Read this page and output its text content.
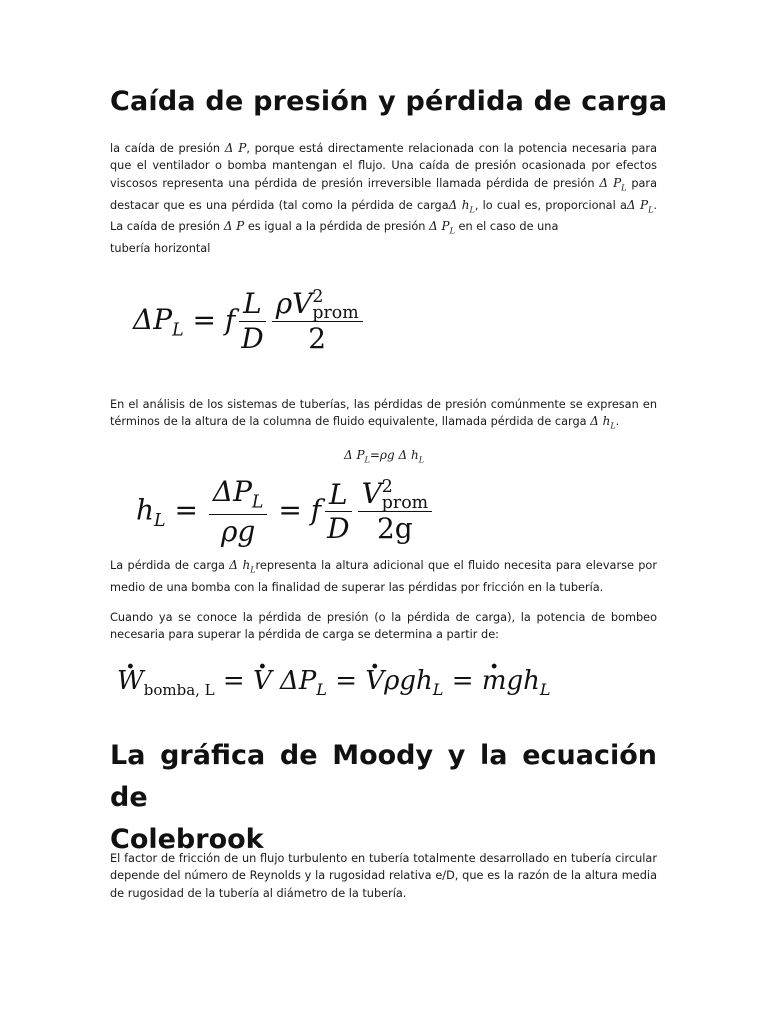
Caída de presión y pérdida de carga
la caída de presión Δ P, porque está directamente relacionada con la potencia necesaria para que el ventilador o bomba mantengan el flujo. Una caída de presión ocasionada por efectos viscosos representa una pérdida de presión irreversible llamada pérdida de presión Δ $P_L$ para destacar que es una pérdida (tal como la pérdida de cargaΔ $h_L$, lo cual es, proporcional aΔ $P_L$. La caída de presión Δ P es igual a la pérdida de presión Δ $P_L$ en el caso de una
tubería horizontal
$\Delta P_L = f \frac{L}{D}$ ρV 2
prom
2
En el análisis de los sistemas de tuberías, las pérdidas de presión comúnmente se expresan en términos de la altura de la columna de fluido equivalente, llamada pérdida de carga Δ $h_L$.
Δ $P_L=\rho g$ Δ $h_L$
$h_L = \frac{\Delta P_L}{\rho g} = f \frac{L}{D}$ V 2
prom
2g
La pérdida de carga Δ $h_Lrepresenta$ la altura adicional que el fluido necesita para elevarse por medio de una bomba con la finalidad de superar las pérdidas por fricción en la tubería.
Cuando ya se conoce la pérdida de presión (o la pérdida de carga), la potencia de bombeo necesaria para superar la pérdida de carga se determina a partir de:
· $W_{bomba, L}$ = · V $\Delta P_L$ = · Vρgh$_L$ = · mgh$_L$
La gráfica de Moody y la ecuación de
Colebrook
El factor de fricción de un flujo turbulento en tubería totalmente desarrollado en tubería circular depende del número de Reynolds y la rugosidad relativa e/D, que es la razón de la altura media de rugosidad de la tubería al diámetro de la tubería.
